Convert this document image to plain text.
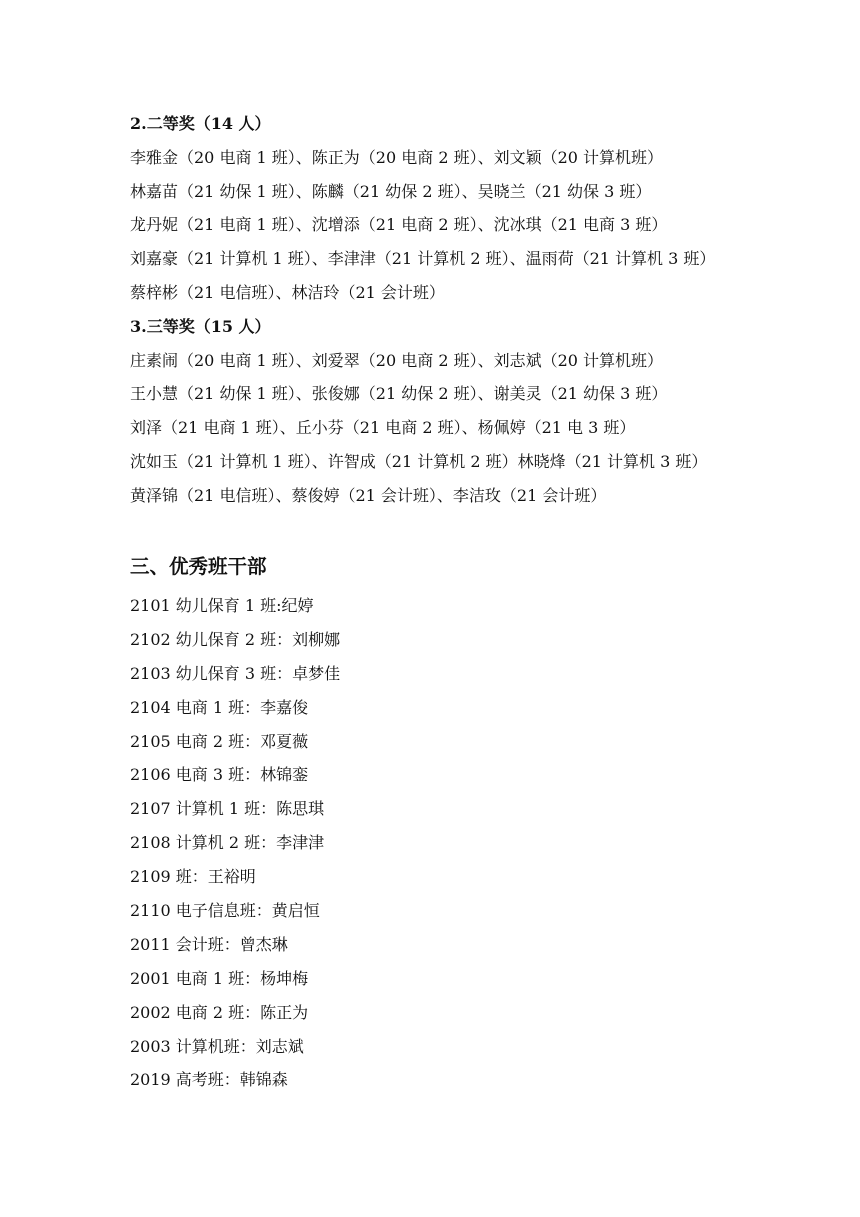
2.二等奖（14 人）
李雅金（20 电商 1 班）、陈正为（20 电商 2 班）、刘文颖（20 计算机班）
林嘉苗（21 幼保 1 班）、陈麟（21 幼保 2 班）、吴晓兰（21 幼保 3 班）
龙丹妮（21 电商 1 班）、沈增添（21 电商 2 班）、沈冰琪（21 电商 3 班）
刘嘉豪（21 计算机 1 班）、李津津（21 计算机 2 班）、温雨荷（21 计算机 3 班）
蔡梓彬（21 电信班）、林洁玲（21 会计班）
3.三等奖（15 人）
庄素闹（20 电商 1 班）、刘爱翠（20 电商 2 班）、刘志斌（20 计算机班）
王小慧（21 幼保 1 班）、张俊娜（21 幼保 2 班）、谢美灵（21 幼保 3 班）
刘泽（21 电商 1 班）、丘小芬（21 电商 2 班）、杨佩婷（21 电 3 班）
沈如玉（21 计算机 1 班）、许智成（21 计算机 2 班）林晓烽（21 计算机 3 班）
黄泽锦（21 电信班）、蔡俊婷（21 会计班）、李洁玫（21 会计班）
三、优秀班干部
2101 幼儿保育 1 班:纪婷
2102 幼儿保育 2 班：刘柳娜
2103 幼儿保育 3 班：卓梦佳
2104 电商 1 班：李嘉俊
2105 电商 2 班：邓夏薇
2106 电商 3 班：林锦銮
2107 计算机 1 班：陈思琪
2108 计算机 2 班：李津津
2109 班：王裕明
2110 电子信息班：黄启恒
2011 会计班：曾杰琳
2001 电商 1 班：杨坤梅
2002 电商 2 班：陈正为
2003 计算机班：刘志斌
2019 高考班：韩锦森
